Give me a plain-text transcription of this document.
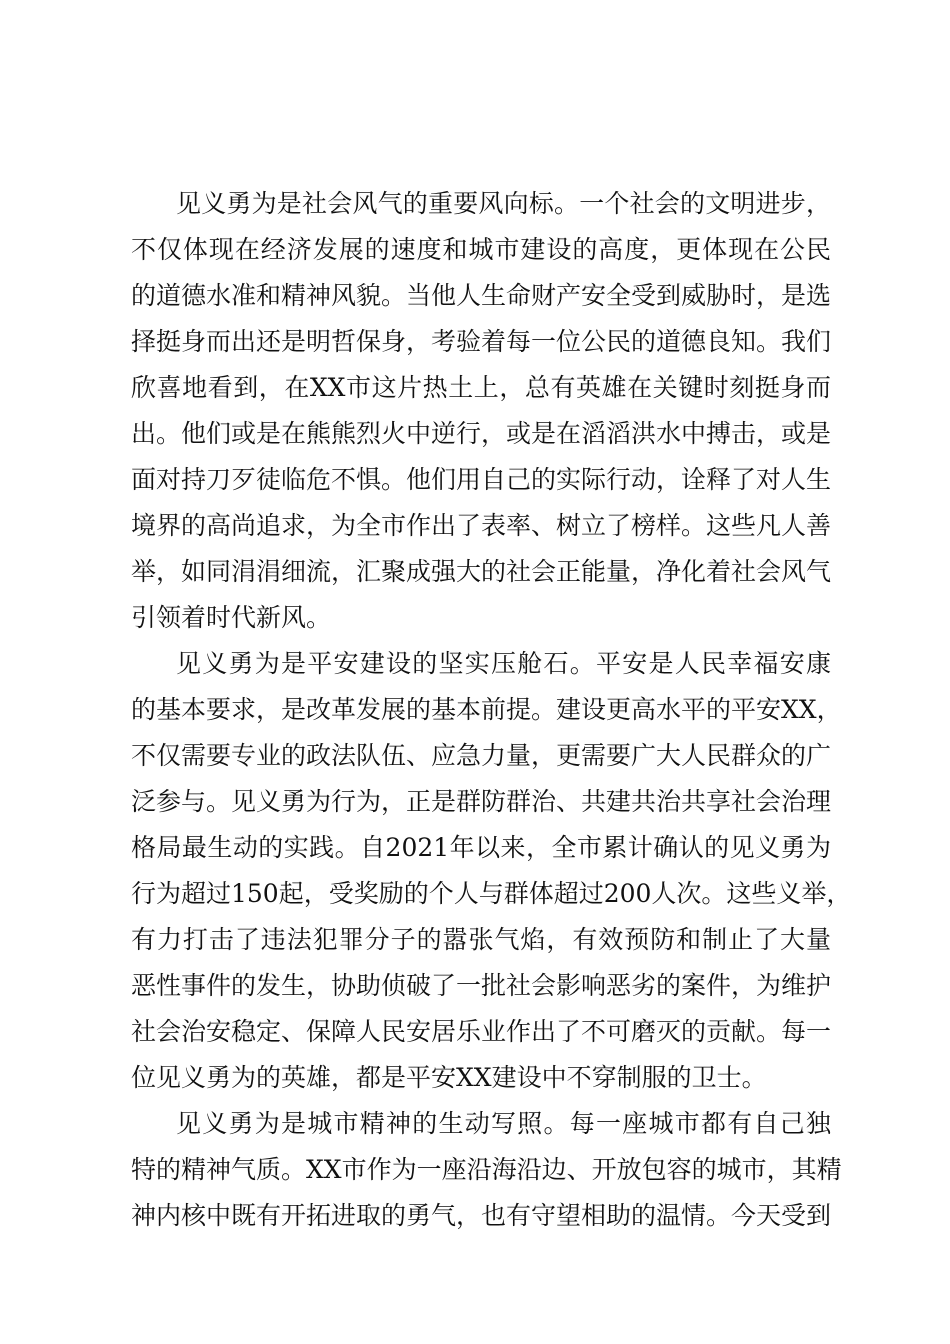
见义勇为是社会风气的重要风向标。一个社会的文明进步，
不仅体现在经济发展的速度和城市建设的高度，更体现在公民
的道德水准和精神风貌。当他人生命财产安全受到威胁时，是选
择挺身而出还是明哲保身，考验着每一位公民的道德良知。我们
欣喜地看到，在XX市这片热土上，总有英雄在关键时刻挺身而
出。他们或是在熊熊烈火中逆行，或是在滔滔洪水中搏击，或是
面对持刀歹徒临危不惧。他们用自己的实际行动，诠释了对人生
境界的高尚追求，为全市作出了表率、树立了榜样。这些凡人善
举，如同涓涓细流，汇聚成强大的社会正能量，净化着社会风气
引领着时代新风。
见义勇为是平安建设的坚实压舱石。平安是人民幸福安康
的基本要求，是改革发展的基本前提。建设更高水平的平安XX，
不仅需要专业的政法队伍、应急力量，更需要广大人民群众的广
泛参与。见义勇为行为，正是群防群治、共建共治共享社会治理
格局最生动的实践。自2021年以来，全市累计确认的见义勇为
行为超过150起，受奖励的个人与群体超过200人次。这些义举，
有力打击了违法犯罪分子的嚣张气焰，有效预防和制止了大量
恶性事件的发生，协助侦破了一批社会影响恶劣的案件，为维护
社会治安稳定、保障人民安居乐业作出了不可磨灭的贡献。每一
位见义勇为的英雄，都是平安XX建设中不穿制服的卫士。
见义勇为是城市精神的生动写照。每一座城市都有自己独
特的精神气质。XX市作为一座沿海沿边、开放包容的城市，其精
神内核中既有开拓进取的勇气，也有守望相助的温情。今天受到
